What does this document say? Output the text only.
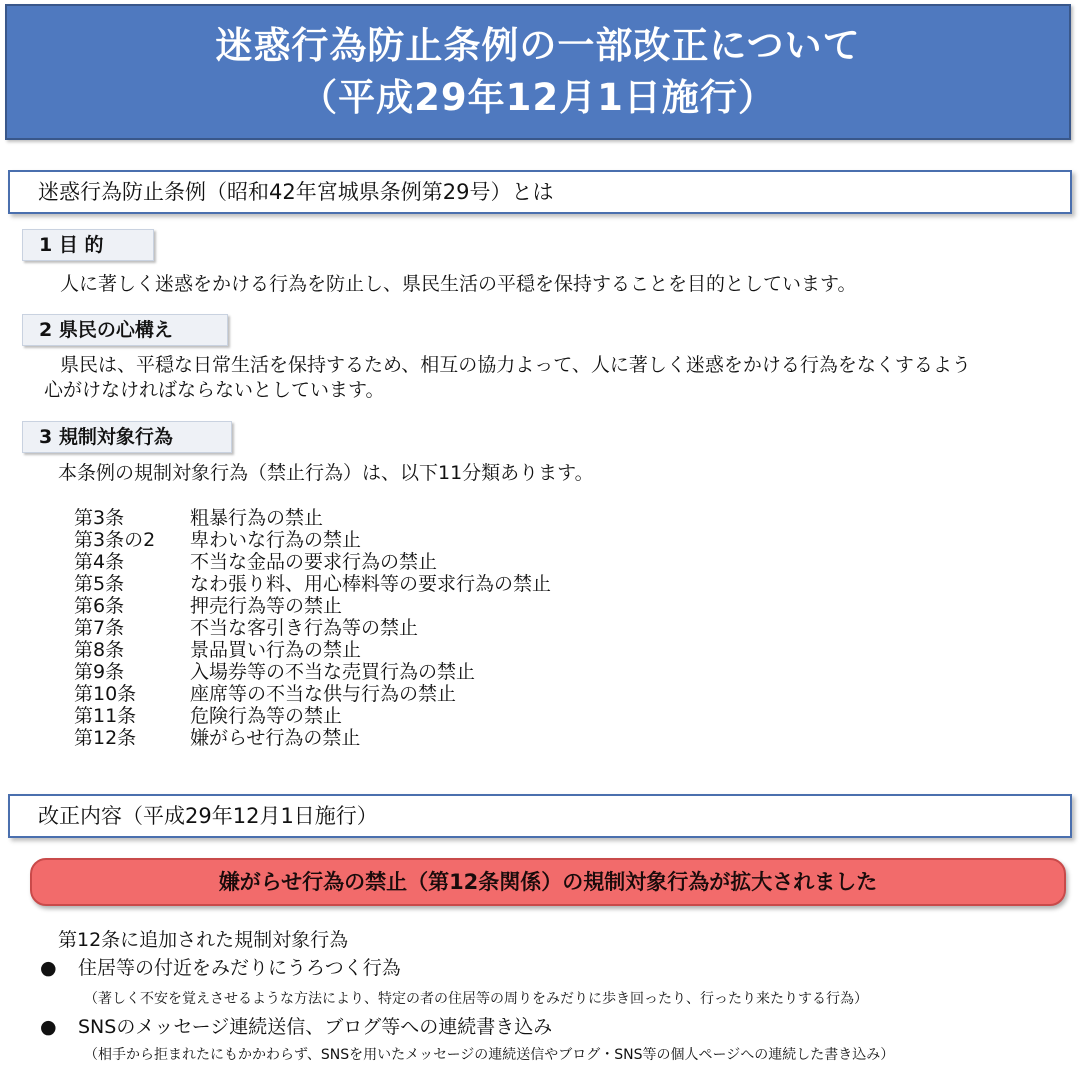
迷惑行為防止条例の一部改正について
（平成29年12月1日施行）
迷惑行為防止条例（昭和42年宮城県条例第29号）とは
1 目 的
人に著しく迷惑をかける行為を防止し、県民生活の平穏を保持することを目的としています。
2 県民の心構え
県民は、平穏な日常生活を保持するため、相互の協力よって、人に著しく迷惑をかける行為をなくするよう
心がけなければならないとしています。
3 規制対象行為
本条例の規制対象行為（禁止行為）は、以下11分類あります。
第3条	粗暴行為の禁止
第3条の2	卑わいな行為の禁止
第4条	不当な金品の要求行為の禁止
第5条	なわ張り料、用心棒料等の要求行為の禁止
第6条	押売行為等の禁止
第7条	不当な客引き行為等の禁止
第8条	景品買い行為の禁止
第9条	入場券等の不当な売買行為の禁止
第10条	座席等の不当な供与行為の禁止
第11条	危険行為等の禁止
第12条	嫌がらせ行為の禁止
改正内容（平成29年12月1日施行）
嫌がらせ行為の禁止（第12条関係）の規制対象行為が拡大されました
第12条に追加された規制対象行為
●	住居等の付近をみだりにうろつく行為
（著しく不安を覚えさせるような方法により、特定の者の住居等の周りをみだりに歩き回ったり、行ったり来たりする行為）
●	SNSのメッセージ連続送信、ブログ等への連続書き込み
（相手から拒まれたにもかかわらず、SNSを用いたメッセージの連続送信やブログ・SNS等の個人ページへの連続した書き込み）
